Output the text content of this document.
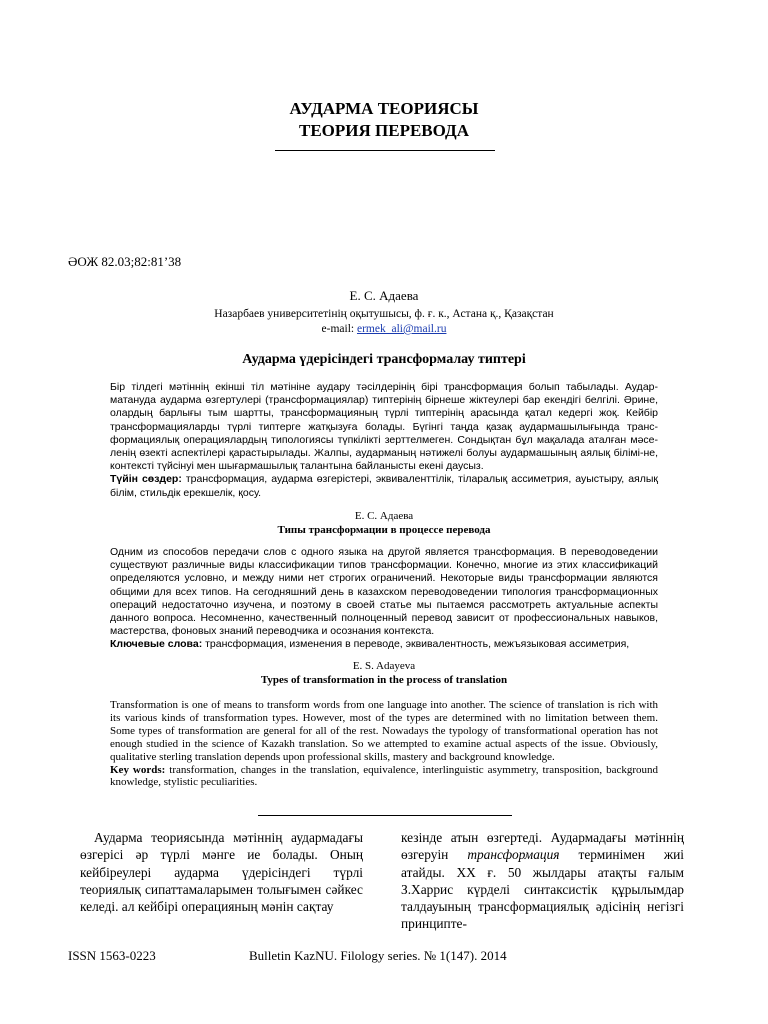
АУДАРМА ТЕОРИЯСЫ
ТЕОРИЯ ПЕРЕВОДА
ӘОЖ 82.03;82:81’38
Е. С. Адаева
Назарбаев университетінің оқытушысы, ф. ғ. к., Астана қ., Қазақстан
e-mail: ermek_ali@mail.ru
Аударма үдерісіндегі трансформалау типтері
Бір тілдегі мәтіннің екінші тіл мәтініне аудару тәсілдерінің бірі трансформация болып табылады. Аудар-матануда аударма өзгертулері (трансформациялар) типтерінің бірнеше жіктеулері бар екендігі белгілі. Әрине, олардың барлығы тым шартты, трансформацияның түрлі типтерінің арасында қатал кедергі жоқ. Кейбір трансформацияларды түрлі типтерге жатқызуға болады. Бүгінгі таңда қазақ аудармашылығында транс-формациялық операциялардың типологиясы түпкілікті зерттелмеген. Сондықтан бұл мақалада аталған мәсе-ленің өзекті аспектілері қарастырылады. Жалпы, аударманың нәтижелі болуы аудармашының аялық білімі-не, контексті түйсінуі мен шығармашылық талантына байланысты екені даусыз.
Түйін сөздер: трансформация, аударма өзгерістері, эквиваленттілік, тіларалық ассиметрия, ауыстыру, аялық білім, стильдік ерекшелік, қосу.
Е. С. Адаева
Типы трансформации в процессе перевода
Одним из способов передачи слов с одного языка на другой является трансформация. В переводоведении существуют различные виды классификации типов трансформации. Конечно, многие из этих классификаций определяются условно, и между ними нет строгих ограничений. Некоторые виды трансформации являются общими для всех типов. На сегодняшний день в казахском переводоведении типология трансформационных операций недостаточно изучена, и поэтому в своей статье мы пытаемся рассмотреть актуальные аспекты данного вопроса. Несомненно, качественный полноценный перевод зависит от профессиональных навыков, мастерства, фоновых знаний переводчика и осознания контекста.
Ключевые слова: трансформация, изменения в переводе, эквивалентность, межъязыковая ассиметрия,
E. S. Adayeva
Types of transformation in the process of translation
Transformation is one of means to transform words from one language into another. The science of translation is rich with its various kinds of transformation types. However, most of the types are determined with no limitation between them. Some types of transformation are general for all of the rest. Nowadays the typology of transformational operation has not enough studied in the science of Kazakh translation. So we attempted to examine actual aspects of the issue. Obviously, qualitative sterling translation depends upon professional skills, mastery and background knowledge.
Key words: transformation, changes in the translation, equivalence, interlinguistic asymmetry, transposition, background knowledge, stylistic peculiarities.
Аударма теориясында мәтіннің аудармадағы өзгерісі әр түрлі мәнге ие болады. Оның кейбіреулері аударма үдерісіндегі түрлі теориялық сипаттамаларымен толығымен сәйкес келеді. ал кейбірі операцияның мәнін сақтау
кезінде атын өзгертеді. Аудармадағы мәтіннің өзгеруін трансформация терминімен жиі атайды. XX ғ. 50 жылдары атақты ғалым З.Харрис күрделі синтаксистік құрылымдар талдауының трансформациялық әдісінің негізгі принципте-
ISSN 1563-0223	Bulletin KazNU. Filology series. № 1(147). 2014
